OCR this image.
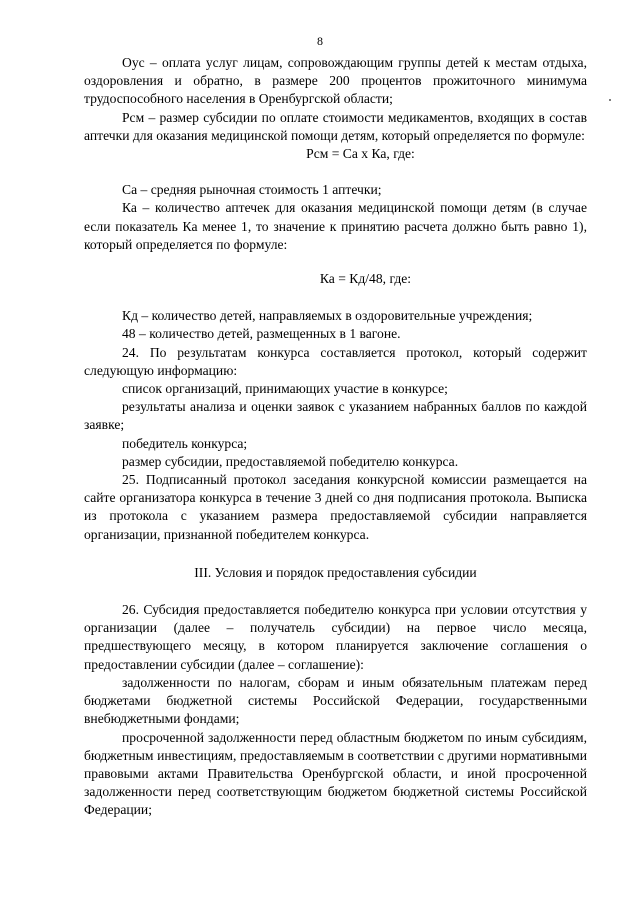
8

Оус – оплата услуг лицам, сопровождающим группы детей к местам отдыха, оздоровления и обратно, в размере 200 процентов прожиточного минимума трудоспособного населения в Оренбургской области;

Рсм – размер субсидии по оплате стоимости медикаментов, входящих в состав аптечки для оказания медицинской помощи детям, который определяется по формуле:

Рсм = Са х Ка, где:

Са – средняя рыночная стоимость 1 аптечки;

Ка – количество аптечек для оказания медицинской помощи детям (в случае если показатель Ка менее 1, то значение к принятию расчета должно быть равно 1), который определяется по формуле:

Ка = Кд/48, где:

Кд – количество детей, направляемых в оздоровительные учреждения;

48 – количество детей, размещенных в 1 вагоне.

24. По результатам конкурса составляется протокол, который содержит следующую информацию:

список организаций, принимающих участие в конкурсе;

результаты анализа и оценки заявок с указанием набранных баллов по каждой заявке;

победитель конкурса;

размер субсидии, предоставляемой победителю конкурса.

25. Подписанный протокол заседания конкурсной комиссии размещается на сайте организатора конкурса в течение 3 дней со дня подписания протокола. Выписка из протокола с указанием размера предоставляемой субсидии направляется организации, признанной победителем конкурса.

III. Условия и порядок предоставления субсидии

26. Субсидия предоставляется победителю конкурса при условии отсутствия у организации (далее – получатель субсидии) на первое число месяца, предшествующего месяцу, в котором планируется заключение соглашения о предоставлении субсидии (далее – соглашение):

задолженности по налогам, сборам и иным обязательным платежам перед бюджетами бюджетной системы Российской Федерации, государственными внебюджетными фондами;

просроченной задолженности перед областным бюджетом по иным субсидиям, бюджетным инвестициям, предоставляемым в соответствии с другими нормативными правовыми актами Правительства Оренбургской области, и иной просроченной задолженности перед соответствующим бюджетом бюджетной системы Российской Федерации;
